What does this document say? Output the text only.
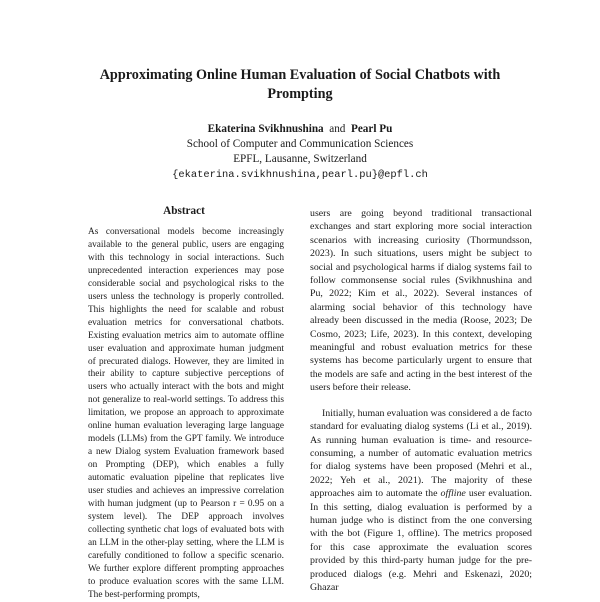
Approximating Online Human Evaluation of Social Chatbots with
Prompting
Ekaterina Svikhnushina and Pearl Pu
School of Computer and Communication Sciences
EPFL, Lausanne, Switzerland
{ekaterina.svikhnushina,pearl.pu}@epfl.ch
Abstract

As conversational models become increasingly available to the general public, users are engaging with this technology in social interactions. Such unprecedented interaction experiences may pose considerable social and psychological risks to the users unless the technology is properly controlled. This highlights the need for scalable and robust evaluation metrics for conversational chatbots. Existing evaluation metrics aim to automate offline user evaluation and approximate human judgment of precurated dialogs. However, they are limited in their ability to capture subjective perceptions of users who actually interact with the bots and might not generalize to real-world settings. To address this limitation, we propose an approach to approximate online human evaluation leveraging large language models (LLMs) from the GPT family. We introduce a new Dialog system Evaluation framework based on Prompting (DEP), which enables a fully automatic evaluation pipeline that replicates live user studies and achieves an impressive correlation with human judgment (up to Pearson r = 0.95 on a system level). The DEP approach involves collecting synthetic chat logs of evaluated bots with an LLM in the other-play setting, where the LLM is carefully conditioned to follow a specific scenario. We further explore different prompting approaches to produce evaluation scores with the same LLM. The best-performing prompts,

users are going beyond traditional transactional exchanges and start exploring more social interaction scenarios with increasing curiosity (Thormundsson, 2023). In such situations, users might be subject to social and psychological harms if dialog systems fail to follow commonsense social rules (Svikhnushina and Pu, 2022; Kim et al., 2022). Several instances of alarming social behavior of this technology have already been discussed in the media (Roose, 2023; De Cosmo, 2023; Life, 2023). In this context, developing meaningful and robust evaluation metrics for these systems has become particularly urgent to ensure that the models are safe and acting in the best interest of the users before their release.

Initially, human evaluation was considered a de facto standard for evaluating dialog systems (Li et al., 2019). As running human evaluation is time- and resource-consuming, a number of automatic evaluation metrics for dialog systems have been proposed (Mehri et al., 2022; Yeh et al., 2021). The majority of these approaches aim to automate the offline user evaluation. In this setting, dialog evaluation is performed by a human judge who is distinct from the one conversing with the bot (Figure 1, offline). The metrics proposed for this case approximate the evaluation scores provided by this third-party human judge for the pre-produced dialogs (e.g. Mehri and Eskenazi, 2020; Ghazar
